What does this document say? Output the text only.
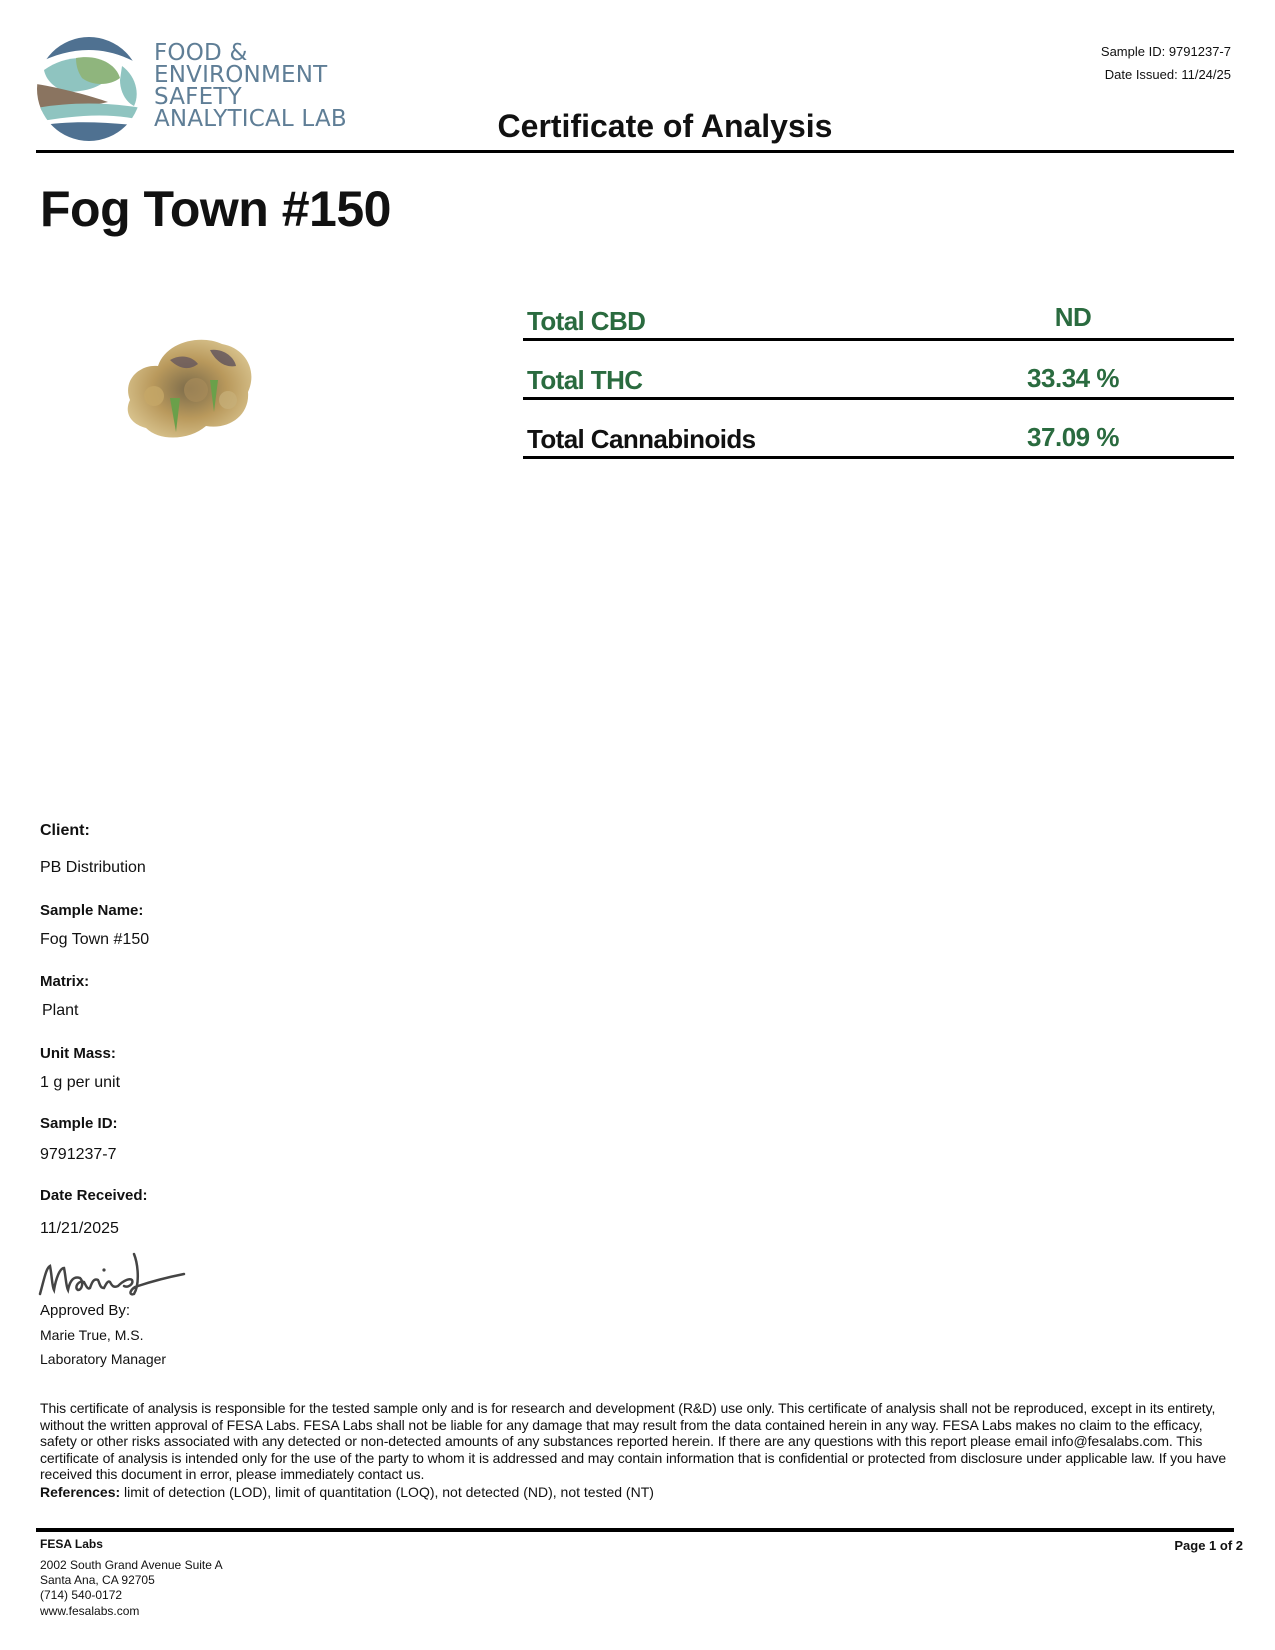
FOOD &
ENVIRONMENT
SAFETY
ANALYTICAL LAB
Sample ID: 9791237-7
Date Issued: 11/24/25
Certificate of Analysis
Fog Town #150
Total CBD	ND
Total THC	33.34 %
Total Cannabinoids	37.09 %
Client:
PB Distribution
Sample Name:
Fog Town #150
Matrix:
Plant
Unit Mass:
1 g per unit
Sample ID:
9791237-7
Date Received:
11/21/2025
Approved By:
Marie True, M.S.
Laboratory Manager
This certificate of analysis is responsible for the tested sample only and is for research and development (R&D) use only. This certificate of analysis shall not be reproduced, except in its entirety, without the written approval of FESA Labs. FESA Labs shall not be liable for any damage that may result from the data contained herein in any way. FESA Labs makes no claim to the efficacy, safety or other risks associated with any detected or non-detected amounts of any substances reported herein. If there are any questions with this report please email info@fesalabs.com. This certificate of analysis is intended only for the use of the party to whom it is addressed and may contain information that is confidential or protected from disclosure under applicable law. If you have received this document in error, please immediately contact us.
References: limit of detection (LOD), limit of quantitation (LOQ), not detected (ND), not tested (NT)
FESA Labs	Page 1 of 2
2002 South Grand Avenue Suite A
Santa Ana, CA 92705
(714) 540-0172
www.fesalabs.com
